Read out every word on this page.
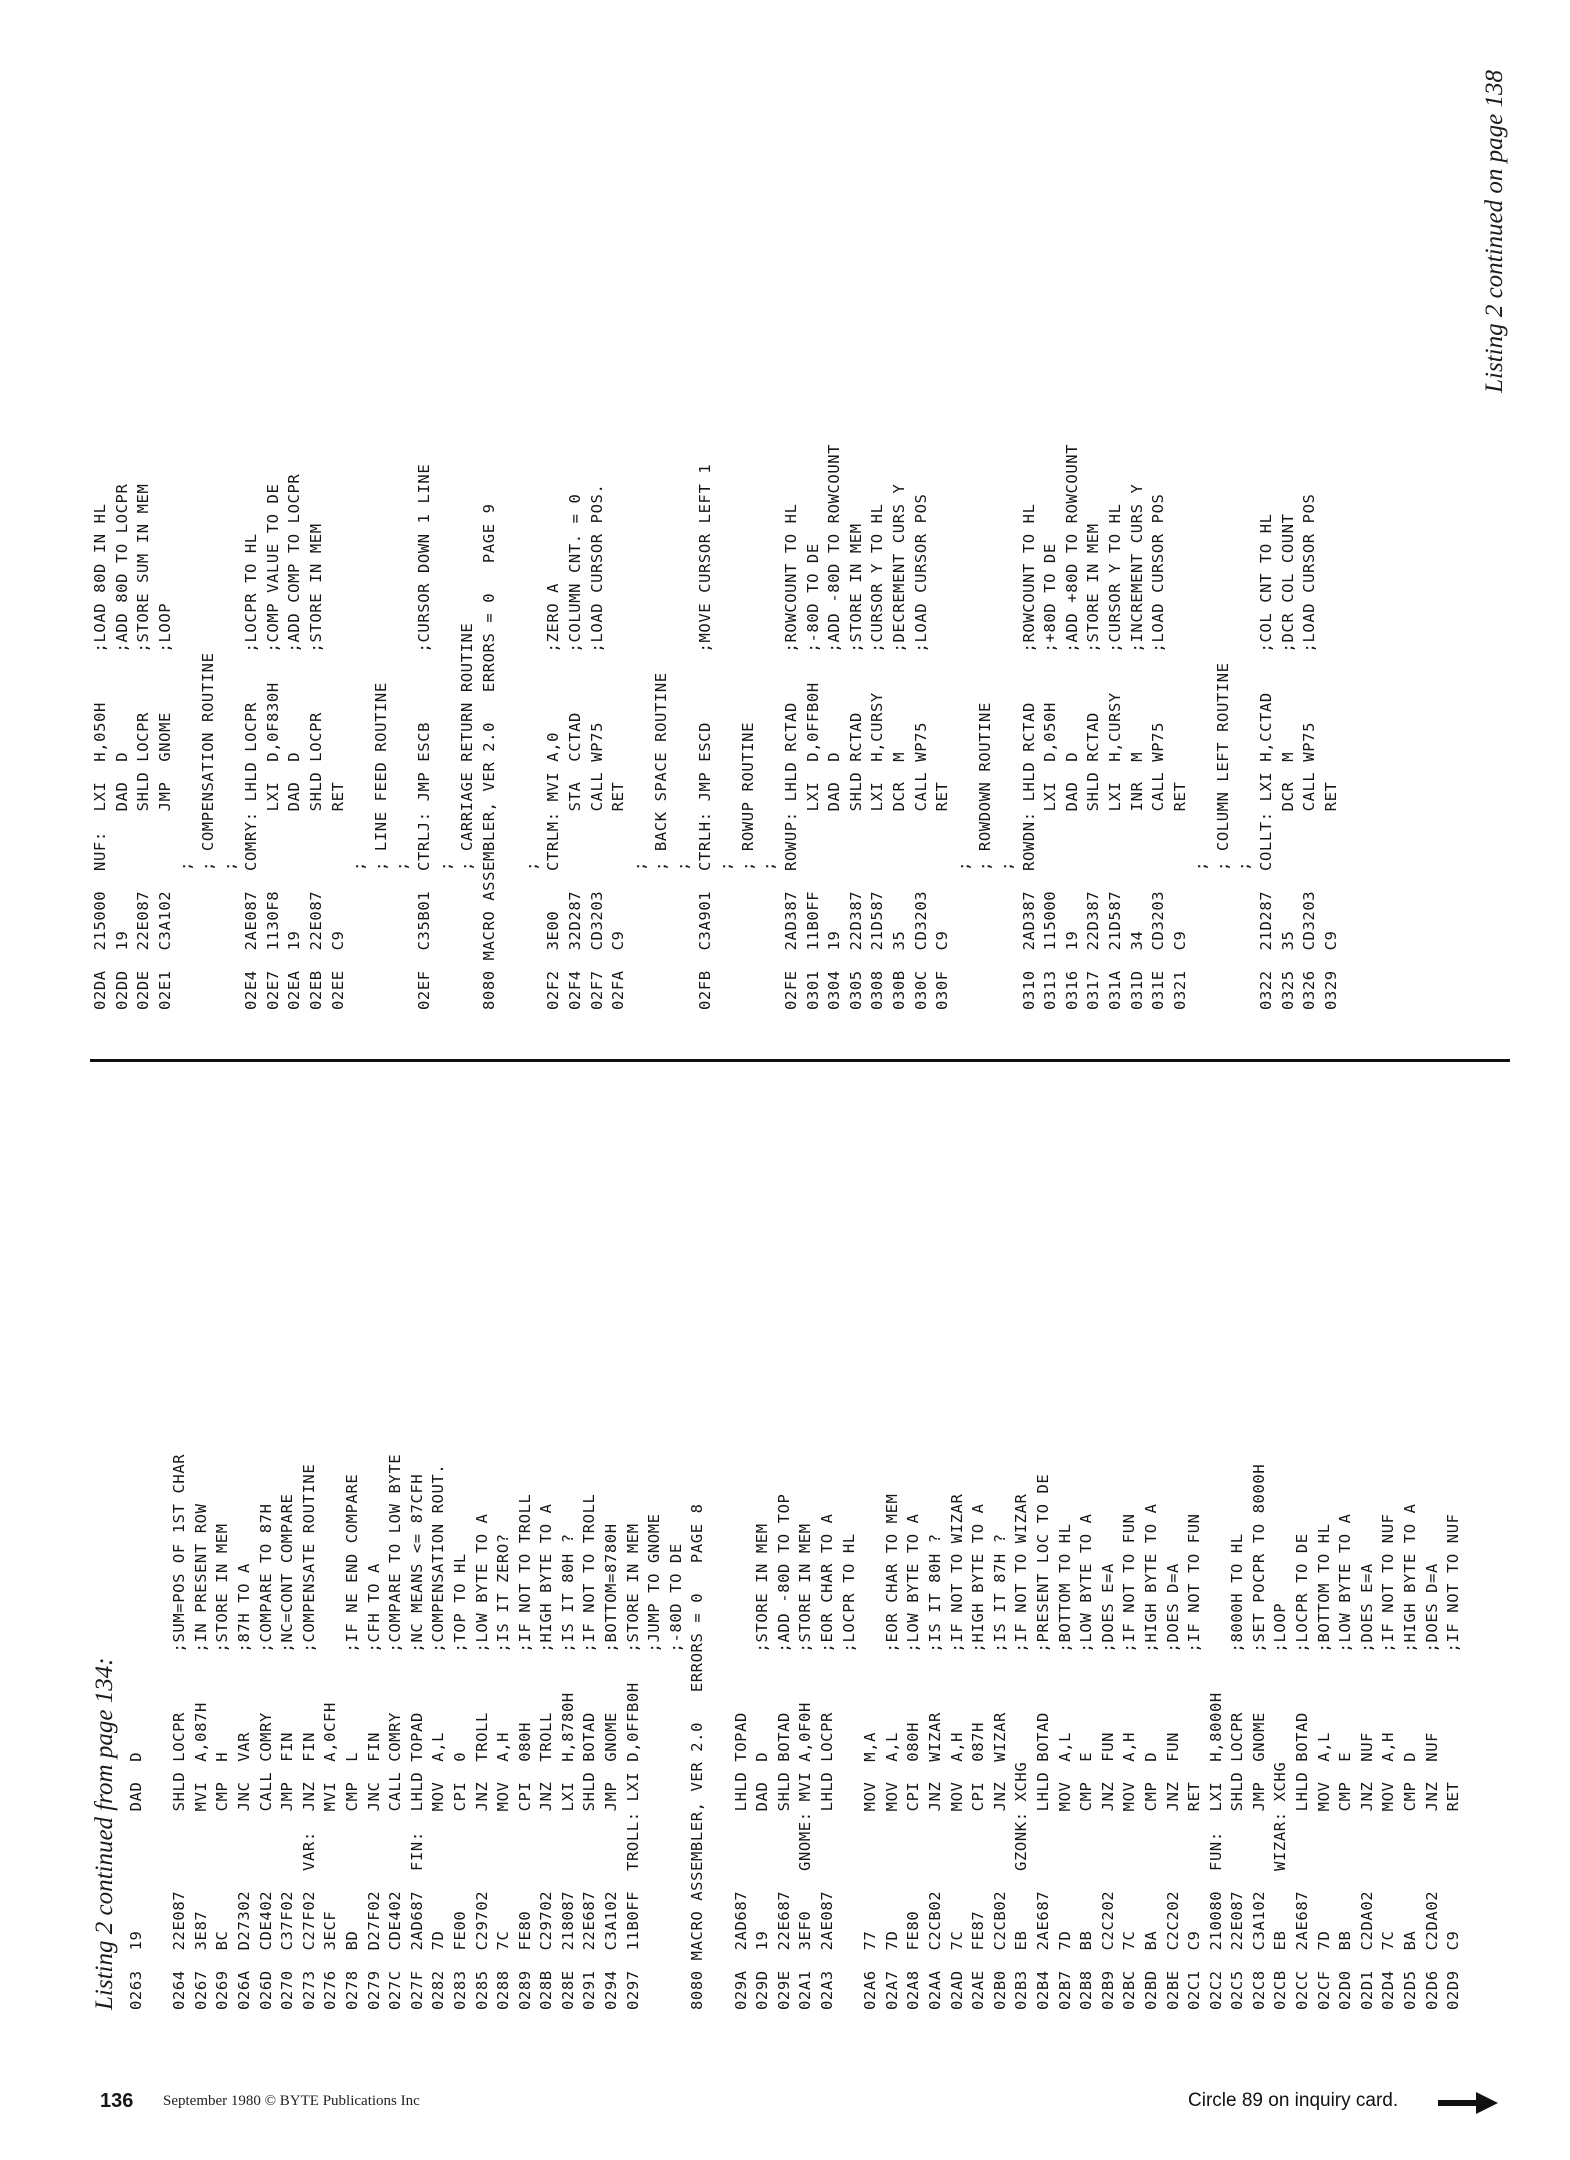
Listing 2 continued from page 134: 0263  19            DAD  D 0264  22E087        SHLD LOCPR      ;SUM=POS OF 1ST CHAR 0267  3E87          MVI  A,087H     ;IN PRESENT ROW 0269  BC            CMP  H          ;STORE IN MEM 026A  D27302        JNC  VAR        ;87H TO A 026D  CDE402        CALL COMRY      ;COMPARE TO 87H 0270  C37F02        JMP  FIN        ;NC=CONT COMPARE 0273  C27F02  VAR:  JNZ  FIN        ;COMPENSATE ROUTINE 0276  3ECF          MVI  A,0CFH 0278  BD            CMP  L          ;IF NE END COMPARE 0279  D27F02        JNC  FIN        ;CFH TO A 027C  CDE402        CALL COMRY      ;COMPARE TO LOW BYTE 027F  2AD687  FIN:  LHLD TOPAD      ;NC MEANS <= 87CFH 0282  7D            MOV  A,L        ;COMPENSATION ROUT. 0283  FE00          CPI  0          ;TOP TO HL 0285  C29702        JNZ  TROLL      ;LOW BYTE TO A 0288  7C            MOV  A,H        ;IS IT ZERO? 0289  FE80          CPI  080H       ;IF NOT TO TROLL 028B  C29702        JNZ  TROLL      ;HIGH BYTE TO A 028E  218087        LXI  H,8780H    ;IS IT 80H ? 0291  22E687        SHLD BOTAD      ;IF NOT TO TROLL 0294  C3A102        JMP  GNOME      ;BOTTOM=8780H 0297  11B0FF  TROLL: LXI D,0FFB0H   ;STORE IN MEM ;JUMP TO GNOME ;-80D TO DE 8080 MACRO ASSEMBLER, VER 2.0   ERRORS = 0   PAGE 8 029A  2AD687        LHLD TOPAD 029D  19            DAD  D          ;STORE IN MEM 029E  22E687        SHLD BOTAD      ;ADD -80D TO TOP 02A1  3EF0    GNOME: MVI A,0F0H     ;STORE IN MEM 02A3  2AE087        LHLD LOCPR      ;EOR CHAR TO A ;LOCPR TO HL 02A6  77            MOV  M,A 02A7  7D            MOV  A,L        ;EOR CHAR TO MEM 02A8  FE80          CPI  080H       ;LOW BYTE TO A 02AA  C2CB02        JNZ  WIZAR      ;IS IT 80H ? 02AD  7C            MOV  A,H        ;IF NOT TO WIZAR 02AE  FE87          CPI  087H       ;HIGH BYTE TO A 02B0  C2CB02        JNZ  WIZAR      ;IS IT 87H ? 02B3  EB      GZONK: XCHG           ;IF NOT TO WIZAR 02B4  2AE687        LHLD BOTAD      ;PRESENT LOC TO DE 02B7  7D            MOV  A,L        ;BOTTOM TO HL 02B8  BB            CMP  E          ;LOW BYTE TO A 02B9  C2C202        JNZ  FUN        ;DOES E=A 02BC  7C            MOV  A,H        ;IF NOT TO FUN 02BD  BA            CMP  D          ;HIGH BYTE TO A 02BE  C2C202        JNZ  FUN        ;DOES D=A 02C1  C9            RET             ;IF NOT TO FUN 02C2  210080  FUN:  LXI  H,8000H 02C5  22E087        SHLD LOCPR      ;8000H TO HL 02C8  C3A102        JMP  GNOME      ;SET POCPR TO 8000H 02CB  EB      WIZAR: XCHG           ;LOOP 02CC  2AE687        LHLD BOTAD      ;LOCPR TO DE 02CF  7D            MOV  A,L        ;BOTTOM TO HL 02D0  BB            CMP  E          ;LOW BYTE TO A 02D1  C2DA02        JNZ  NUF        ;DOES E=A 02D4  7C            MOV  A,H        ;IF NOT TO NUF 02D5  BA            CMP  D          ;HIGH BYTE TO A 02D6  C2DA02        JNZ  NUF        ;DOES D=A 02D9  C9            RET             ;IF NOT TO NUF
02DA  215000  NUF:  LXI  H,050H     ;LOAD 80D IN HL 02DD  19            DAD  D          ;ADD 80D TO LOCPR 02DE  22E087        SHLD LOCPR      ;STORE SUM IN MEM 02E1  C3A102        JMP  GNOME      ;LOOP ; ; COMPENSATION ROUTINE ; 02E4  2AE087  COMRY: LHLD LOCPR     ;LOCPR TO HL 02E7  1130F8        LXI  D,0F830H   ;COMP VALUE TO DE 02EA  19            DAD  D          ;ADD COMP TO LOCPR 02EB  22E087        SHLD LOCPR      ;STORE IN MEM 02EE  C9            RET ; ; LINE FEED ROUTINE ; 02EF  C35B01  CTRLJ: JMP ESCB       ;CURSOR DOWN 1 LINE ; ; CARRIAGE RETURN ROUTINE 8080 MACRO ASSEMBLER, VER 2.0   ERRORS = 0   PAGE 9 ; 02F2  3E00    CTRLM: MVI A,0        ;ZERO A 02F4  32D287        STA  CCTAD      ;COLUMN CNT. = 0 02F7  CD3203        CALL WP75       ;LOAD CURSOR POS. 02FA  C9            RET ; ; BACK SPACE ROUTINE ; 02FB  C3A901  CTRLH: JMP ESCD       ;MOVE CURSOR LEFT 1 ; ; ROWUP ROUTINE ; 02FE  2AD387  ROWUP: LHLD RCTAD     ;ROWCOUNT TO HL 0301  11B0FF        LXI  D,0FFB0H   ;-80D TO DE 0304  19            DAD  D          ;ADD -80D TO ROWCOUNT 0305  22D387        SHLD RCTAD      ;STORE IN MEM 0308  21D587        LXI  H,CURSY    ;CURSOR Y TO HL 030B  35            DCR  M          ;DECREMENT CURS Y 030C  CD3203        CALL WP75       ;LOAD CURSOR POS 030F  C9            RET ; ; ROWDOWN ROUTINE ; 0310  2AD387  ROWDN: LHLD RCTAD     ;ROWCOUNT TO HL 0313  115000        LXI  D,050H     ;+80D TO DE 0316  19            DAD  D          ;ADD +80D TO ROWCOUNT 0317  22D387        SHLD RCTAD      ;STORE IN MEM 031A  21D587        LXI  H,CURSY    ;CURSOR Y TO HL 031D  34            INR  M          ;INCREMENT CURS Y 031E  CD3203        CALL WP75       ;LOAD CURSOR POS 0321  C9            RET ; ; COLUMN LEFT ROUTINE ; 0322  21D287  COLLT: LXI H,CCTAD    ;COL CNT TO HL 0325  35            DCR  M          ;DCR COL COUNT 0326  CD3203        CALL WP75       ;LOAD CURSOR POS 0329  C9            RET
Listing 2 continued on page 138
136 September 1980 © BYTE Publications Inc	Circle 89 on inquiry card.
